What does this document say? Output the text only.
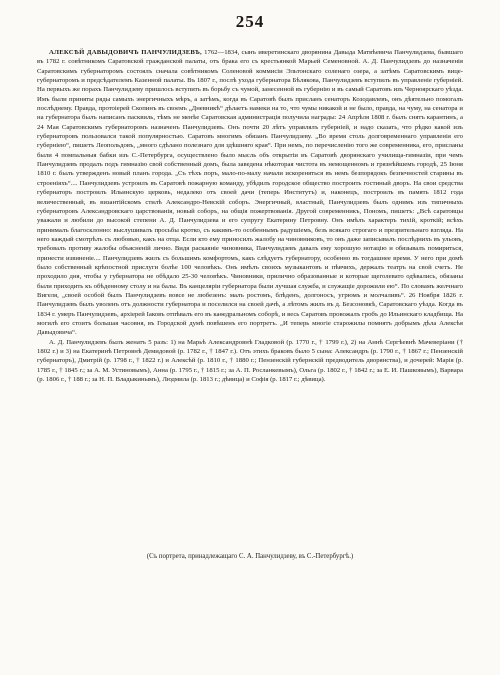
254

АЛЕКСѢЙ ДАВЫДОВИЧЪ ПАНЧУЛИДЗЕВЪ, 1762—1834, сынъ иверетинскаго дворянина Давыда Матвѣевича Панчулидзева, бывшаго въ 1782 г. совѣтникомъ Саратовской гражданской палаты, отъ брака его съ крестьянкой Марьей Семеновной. А. Д. Панчулидзевъ до назначенія Саратовскимъ губернаторомъ состоялъ сначала совѣтникомъ Соленовой коммисіи Эльтонскаго соленаго озера, а затѣмъ Саратовскимъ вице-губернаторомъ и предсѣдателемъ Казенной палаты. Въ 1807 г., послѣ ухода губернатора Бѣлякова, Панчулидзевъ вступилъ въ управленіе губерніей. На первыхъ же порахъ Панчулидзеву пришлось вступить въ борьбу съ чумой, занесенной въ губернію и въ самый Саратовъ изъ Черноярскаго уѣзда. Имъ были приняты ряды самыхъ энергичныхъ мѣръ, а затѣмъ, когда въ Саратовѣ былъ присланъ сенаторъ Козодавлевъ, онъ дѣятельно помогалъ послѣднему. Правда, протоіерей Скопинъ въ своемъ „Дневникѣ“ дѣлаетъ намеки на то, что чумы никакой и не было, правда, на чуму, на сенатора и на губернатора былъ написанъ пасквиль, тѣмъ не менѣе Саратовская администрація получила награды: 24 Апрѣля 1808 г. былъ снятъ карантинъ, а 24 Мая Саратовскимъ губернаторомъ назначенъ Панчулидзевъ. Онъ почти 20 лѣтъ управлялъ губерніей, и надо сказать, что рѣдко какой изъ губернаторовъ пользовался такой популярностью. Саратовъ многимъ обязанъ Панчулидзеву. „Во время столь долговременнаго управленія его губерніею“, пишетъ Леопольдовъ, „много сдѣлано полезнаго для здѣшняго края“. При немъ, по перечисленію того же современника, его, присланы были 4 помпальныя бабки изъ С.-Петербурга, осуществлено было мысль объ открытіи въ Саратовѣ дворянскаго училища-гимназіи, при чемъ Панчулидзевъ продалъ подъ гимназію свой собственный домъ, была заведена нѣкоторая чистота въ немощенномъ и грязнѣйшемъ городѣ, 25 Іюня 1810 г. былъ утвержденъ новый планъ города. „Съ тѣхъ поръ, мало-по-малу начали искореняться въ немъ безпорядокъ безпечностей старины въ строеніяхъ“.... Панчулидзевъ устроилъ въ Саратовѣ пожарную команду, убѣдилъ городское общество построить гостиный дворъ. На свои средства губернаторъ построилъ Ильинскую церковь, недалеко отъ своей дачи (теперь Институтъ) и, наконецъ, построилъ въ память 1812 года величественный, въ византійскомъ стилѣ Александро-Невскій соборъ. Энергичный, властный, Панчулидзевъ былъ однимъ изъ типичныхъ губернаторовъ Александровскаго царствованія, новый соборъ, на общія пожертвованія. Другой современникъ, Пономъ, пишетъ: „Всѣ саратовцы уважали и любили до высокой степени А. Д. Панчулидзева и его супругу Екатерину Петровну. Онъ имѣлъ характеръ тихій, кроткій; всѣхъ принималъ благосклонно: выслушивалъ просьбы кротко, съ какимъ-то особеннымъ радушіемъ, безъ всякаго строгаго и презрительнаго взгляда. На него каждый смотрѣлъ съ любовью, какъ на отца. Если кто ему приносилъ жалобу на чиновниковъ, то онъ даже записывалъ послѣднихъ въ ульовъ, требовалъ противу жалобы объясненій лично. Видя раскаяніе чиновника, Панчулидзевъ давалъ ему хорошую нотацію и обязывалъ помириться, принести извиненіе.... Панчулидзевъ жилъ съ большимъ комфортомъ, какъ слѣдуетъ губернатору, особенно въ тогдашнее время. У него при домѣ было собственный крѣпостной прислуги болѣе 100 человѣкъ. Онъ имѣлъ своихъ музыкантовъ и пѣвчихъ, держалъ театръ на свой счетъ. Не проходило дня, чтобы у губернатора не обѣдало 25-30 человѣкъ. Чиновники, прилично образованные и которые щеголевато одѣвались, обязаны были приходить къ обѣденному столу и на балы. Въ канцеляріи губернатора были лучшая служба, и служащіе дорожили ею“. По словамъ желчнаго Вигеля, „своей особой былъ Панчулидзевъ вовсе не любезенъ: малъ ростомъ, блѣденъ, долгоносъ, угрюмъ и молчаливъ“. 26 Ноября 1826 г. Панчулидзевъ былъ уволенъ отъ должности губернатора и поселился на своей дачѣ, а лѣтомъ жилъ въ д. Безсоновкѣ, Саратовскаго уѣзда. Когда въ 1834 г. умеръ Панчулидзевъ, архіерей Іаковъ отпѣвалъ его въ каѳедральномъ соборѣ, и весь Саратовъ провожалъ гробъ до Ильинскаго кладбища. На могилѣ его стоитъ большая часовня, въ Городской думѣ повѣшенъ его портретъ. „И теперь многіе старожилы помнятъ добрымъ дѣла Алексѣя Давыдовича“.

А. Д. Панчулидзевъ былъ женатъ 5 разъ: 1) на Марьѣ Александровнѣ Гладковой (р. 1770 г., † 1799 г.), 2) на Аннѣ Сергѣевнѣ Мачеверіани († 1802 г.) и 3) на Екатеринѣ Петровнѣ Демидовой (р. 1782 г., † 1847 г.). Отъ этихъ браковъ было 5 сына: Александръ (р. 1790 г., † 1867 г.; Пензенскій губернаторъ), Дмитрій (р. 1798 г., † 1822 г.) и Алексѣй (р. 1810 г., † 1880 г.; Пензенскій губернскій предводитель дворянства), и дочерей: Марія (р. 1785 г., † 1845 г.; за А. М. Устиновымъ), Анна (р. 1795 г., † 1815 г.; за А. П. Росланкевымъ), Ольга (р. 1802 г., † 1842 г.; за Е. И. Пашковымъ), Варвара (р. 1806 г., † 188 г.; за Н. П. Владыкинымъ), Людмила (р. 1813 г.; дѣвица) и Софія (р. 1817 г.; дѣвица).

(Съ портрета, принадлежащаго С. А. Панчулидзеву, въ С.-Петербургѣ.)
